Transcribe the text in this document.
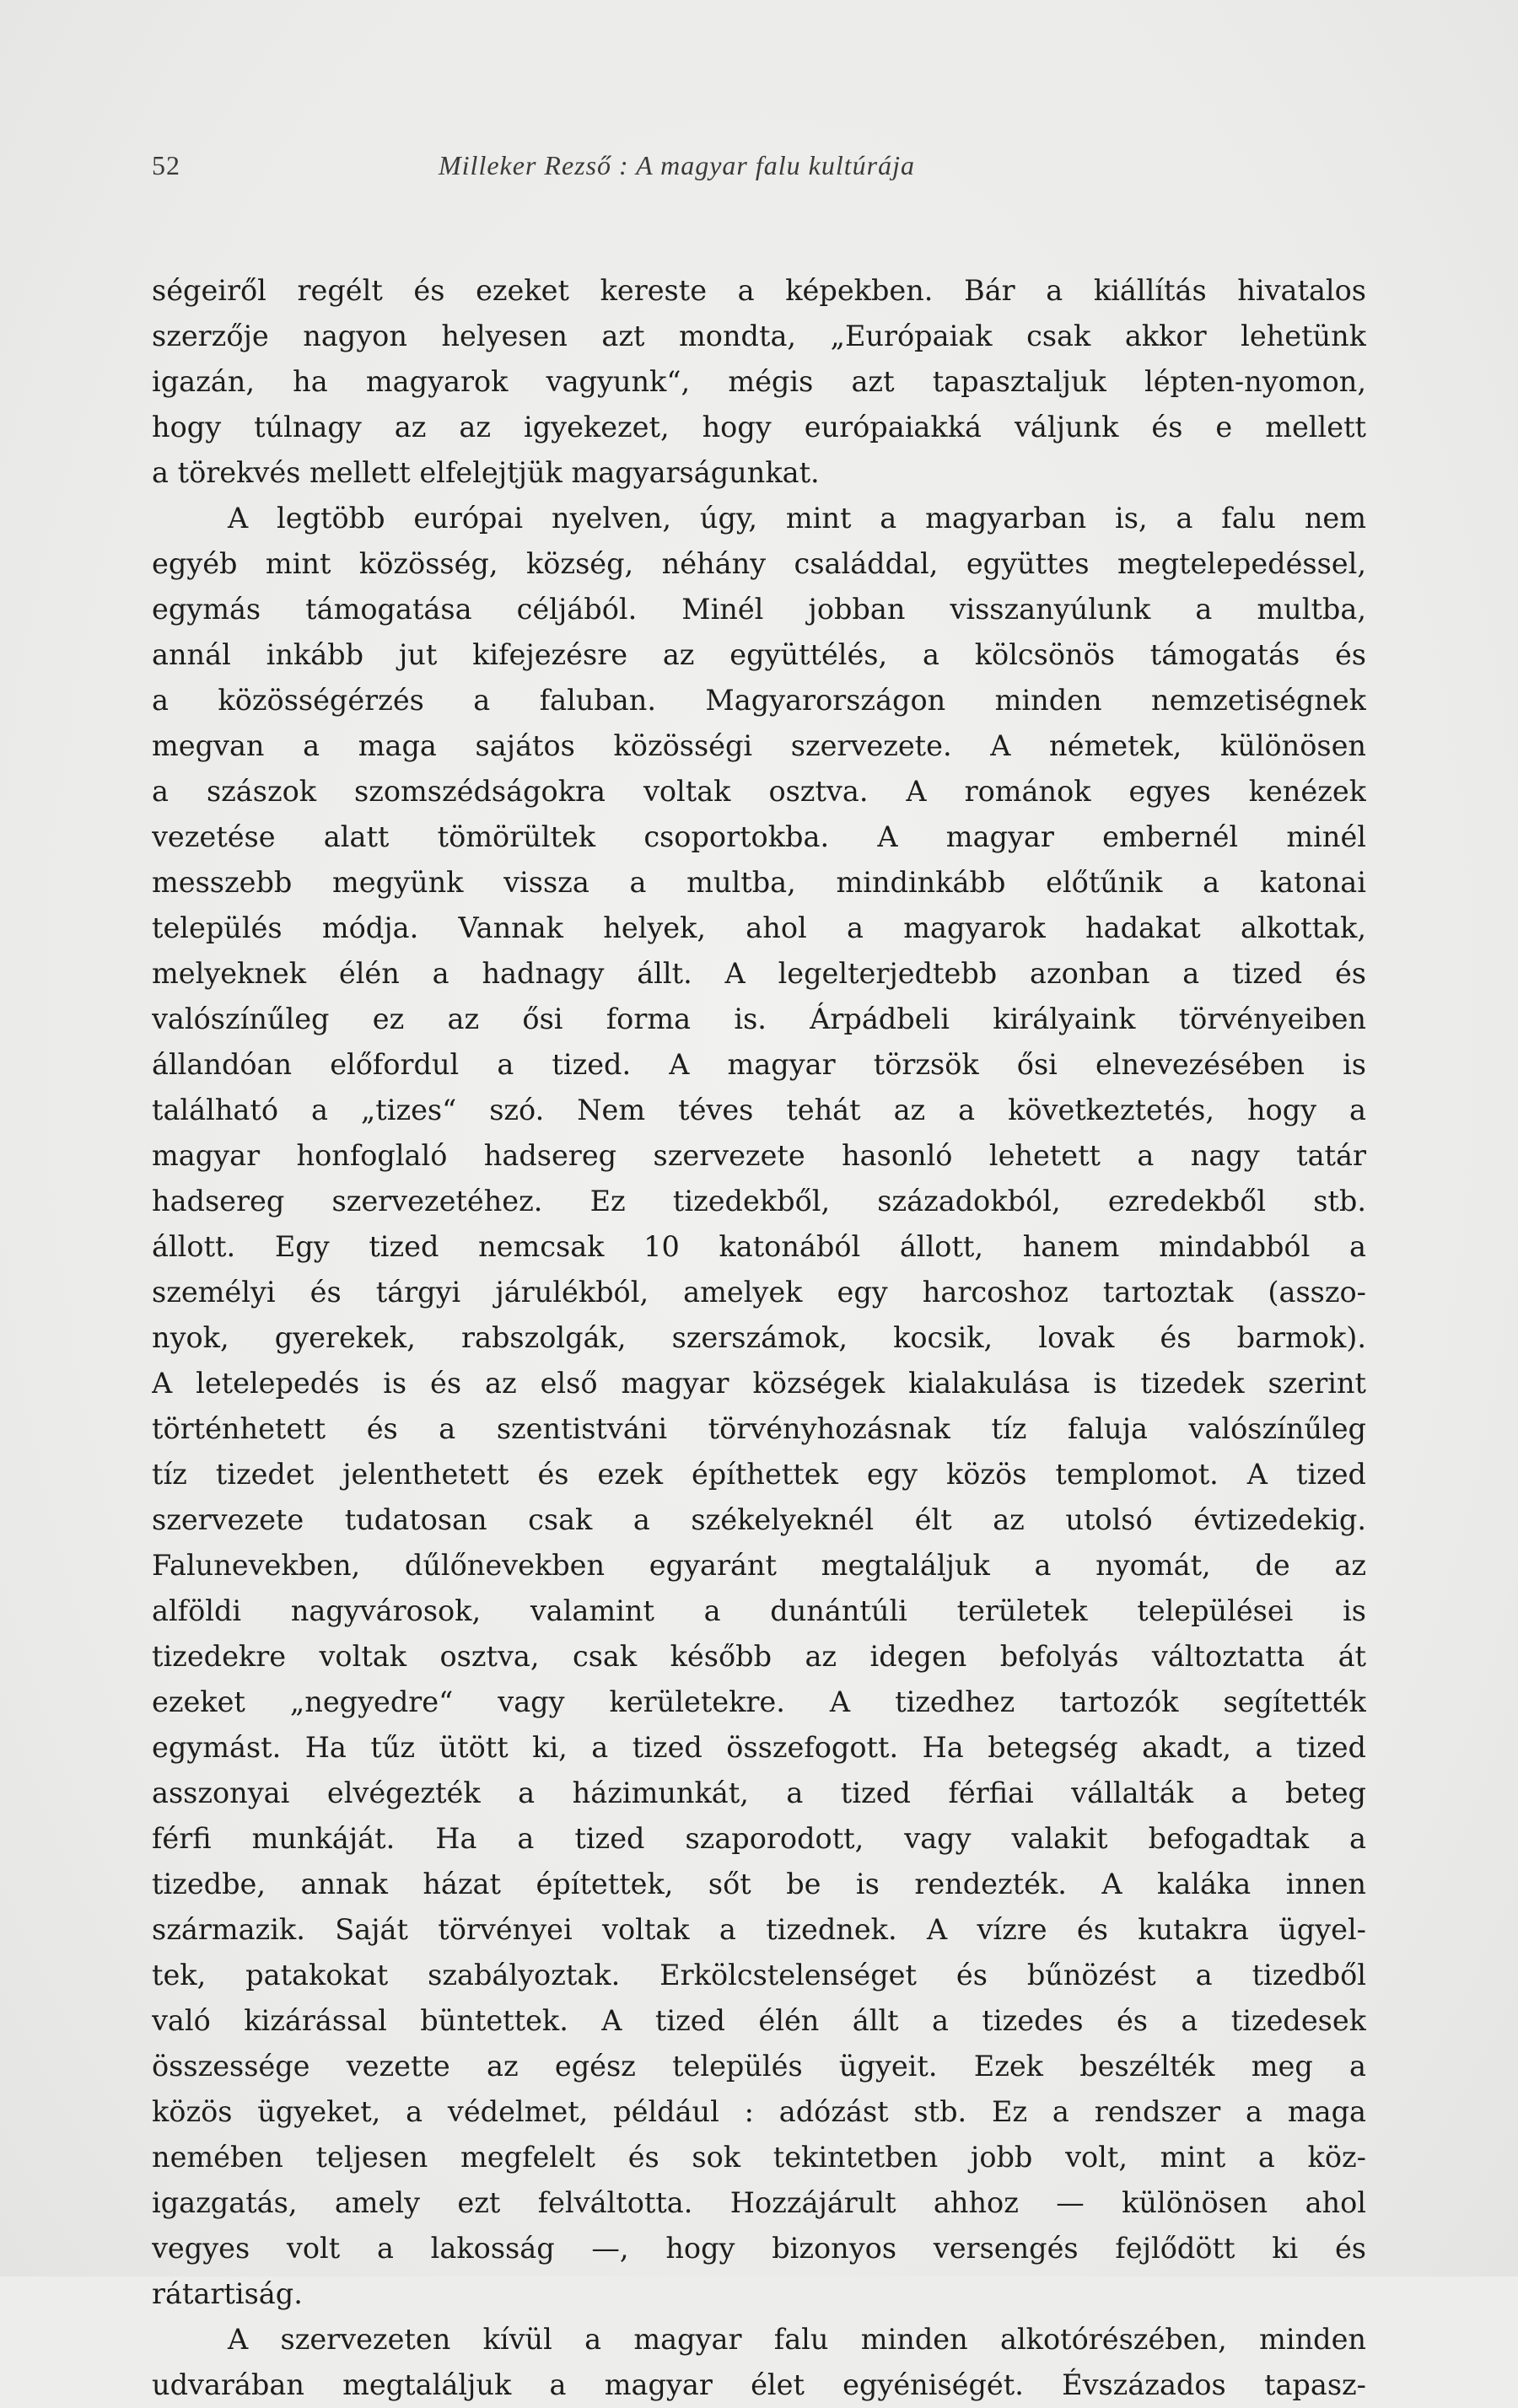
52	Milleker Rezső : A magyar falu kultúrája
ségeiről regélt és ezeket kereste a képekben. Bár a kiállítás hivatalos
szerzője nagyon helyesen azt mondta, „Európaiak csak akkor lehetünk
igazán, ha magyarok vagyunk“, mégis azt tapasztaljuk lépten-nyomon,
hogy túlnagy az az igyekezet, hogy európaiakká váljunk és e mellett
a törekvés mellett elfelejtjük magyarságunkat.
A legtöbb európai nyelven, úgy, mint a magyarban is, a falu nem
egyéb mint közösség, község, néhány családdal, együttes megtelepedéssel,
egymás támogatása céljából. Minél jobban visszanyúlunk a multba,
annál inkább jut kifejezésre az együttélés, a kölcsönös támogatás és
a közösségérzés a faluban. Magyarországon minden nemzetiségnek
megvan a maga sajátos közösségi szervezete. A németek, különösen
a szászok szomszédságokra voltak osztva. A románok egyes kenézek
vezetése alatt tömörültek csoportokba. A magyar embernél minél
messzebb megyünk vissza a multba, mindinkább előtűnik a katonai
település módja. Vannak helyek, ahol a magyarok hadakat alkottak,
melyeknek élén a hadnagy állt. A legelterjedtebb azonban a tized és
valószínűleg ez az ősi forma is. Árpádbeli királyaink törvényeiben
állandóan előfordul a tized. A magyar törzsök ősi elnevezésében is
található a „tizes“ szó. Nem téves tehát az a következtetés, hogy a
magyar honfoglaló hadsereg szervezete hasonló lehetett a nagy tatár
hadsereg szervezetéhez. Ez tizedekből, századokból, ezredekből stb.
állott. Egy tized nemcsak 10 katonából állott, hanem mindabból a
személyi és tárgyi járulékból, amelyek egy harcoshoz tartoztak (asszo-
nyok, gyerekek, rabszolgák, szerszámok, kocsik, lovak és barmok).
A letelepedés is és az első magyar községek kialakulása is tizedek szerint
történhetett és a szentistváni törvényhozásnak tíz faluja valószínűleg
tíz tizedet jelenthetett és ezek építhettek egy közös templomot. A tized
szervezete tudatosan csak a székelyeknél élt az utolsó évtizedekig.
Falunevekben, dűlőnevekben egyaránt megtaláljuk a nyomát, de az
alföldi nagyvárosok, valamint a dunántúli területek települései is
tizedekre voltak osztva, csak később az idegen befolyás változtatta át
ezeket „negyedre“ vagy kerületekre. A tizedhez tartozók segítették
egymást. Ha tűz ütött ki, a tized összefogott. Ha betegség akadt, a tized
asszonyai elvégezték a házimunkát, a tized férfiai vállalták a beteg
férfi munkáját. Ha a tized szaporodott, vagy valakit befogadtak a
tizedbe, annak házat építettek, sőt be is rendezték. A kaláka innen
származik. Saját törvényei voltak a tizednek. A vízre és kutakra ügyel-
tek, patakokat szabályoztak. Erkölcstelenséget és bűnözést a tizedből
való kizárással büntettek. A tized élén állt a tizedes és a tizedesek
összessége vezette az egész település ügyeit. Ezek beszélték meg a
közös ügyeket, a védelmet, például : adózást stb. Ez a rendszer a maga
nemében teljesen megfelelt és sok tekintetben jobb volt, mint a köz-
igazgatás, amely ezt felváltotta. Hozzájárult ahhoz — különösen ahol
vegyes volt a lakosság —, hogy bizonyos versengés fejlődött ki és
rátartiság.
A szervezeten kívül a magyar falu minden alkotórészében, minden
udvarában megtaláljuk a magyar élet egyéniségét. Évszázados tapasz-
